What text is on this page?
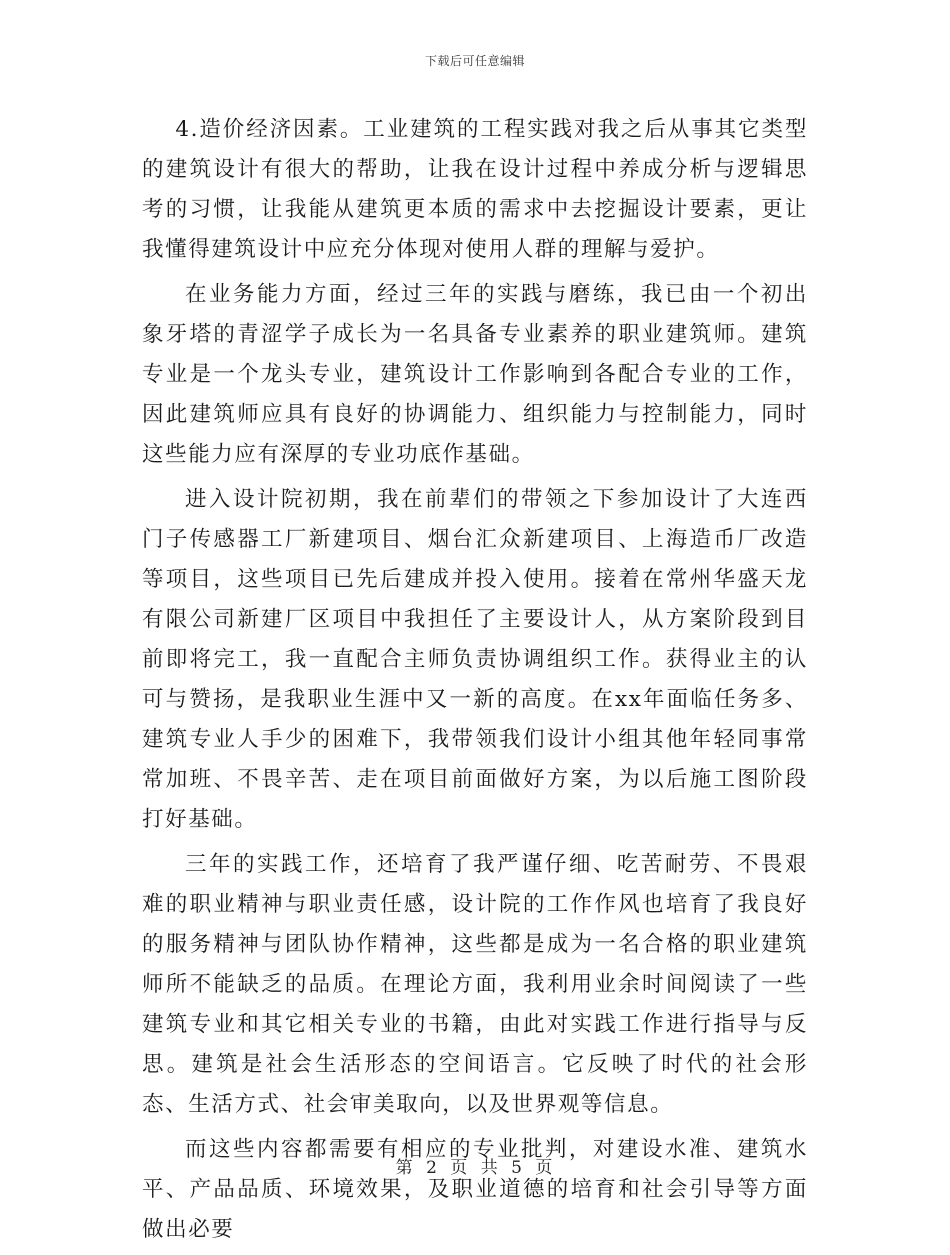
下载后可任意编辑

4.造价经济因素。工业建筑的工程实践对我之后从事其它类型的建筑设计有很大的帮助，让我在设计过程中养成分析与逻辑思考的习惯，让我能从建筑更本质的需求中去挖掘设计要素，更让我懂得建筑设计中应充分体现对使用人群的理解与爱护。

在业务能力方面，经过三年的实践与磨练，我已由一个初出象牙塔的青涩学子成长为一名具备专业素养的职业建筑师。建筑专业是一个龙头专业，建筑设计工作影响到各配合专业的工作，因此建筑师应具有良好的协调能力、组织能力与控制能力，同时这些能力应有深厚的专业功底作基础。

进入设计院初期，我在前辈们的带领之下参加设计了大连西门子传感器工厂新建项目、烟台汇众新建项目、上海造币厂改造等项目，这些项目已先后建成并投入使用。接着在常州华盛天龙有限公司新建厂区项目中我担任了主要设计人，从方案阶段到目前即将完工，我一直配合主师负责协调组织工作。获得业主的认可与赞扬，是我职业生涯中又一新的高度。在xx年面临任务多、建筑专业人手少的困难下，我带领我们设计小组其他年轻同事常常加班、不畏辛苦、走在项目前面做好方案，为以后施工图阶段打好基础。

三年的实践工作，还培育了我严谨仔细、吃苦耐劳、不畏艰难的职业精神与职业责任感，设计院的工作作风也培育了我良好的服务精神与团队协作精神，这些都是成为一名合格的职业建筑师所不能缺乏的品质。在理论方面，我利用业余时间阅读了一些建筑专业和其它相关专业的书籍，由此对实践工作进行指导与反思。建筑是社会生活形态的空间语言。它反映了时代的社会形态、生活方式、社会审美取向，以及世界观等信息。

而这些内容都需要有相应的专业批判，对建设水准、建筑水平、产品品质、环境效果，及职业道德的培育和社会引导等方面做出必要

第 2 页 共 5 页
